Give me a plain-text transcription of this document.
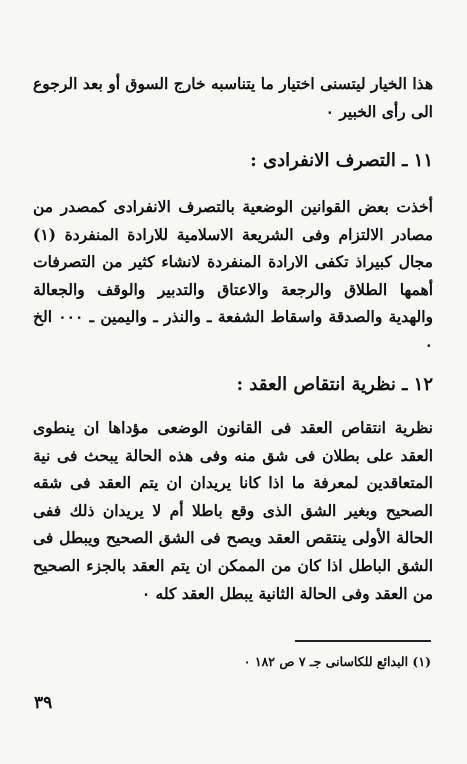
هذا الخيار ليتسنى اختيار ما يتناسبه خارج السوق أو بعد الرجوع الى رأى الخبير ٠

١١ ـ التصرف الانفرادى :

أخذت بعض القوانين الوضعية بالتصرف الانفرادى كمصدر من مصادر الالتزام وفى الشريعة الاسلامية للارادة المنفردة (١) مجال كبيراذ تكفى الارادة المنفردة لانشاء كثير من التصرفات أهمها الطلاق والرجعة والاعتاق والتدبير والوقف والجعالة والهدية والصدقة واسقاط الشفعة ـ والنذر ـ واليمين ـ ٠٠٠ الخ ٠

١٢ ـ نظرية انتقاص العقد :

نظرية انتقاص العقد فى القانون الوضعى مؤداها ان ينطوى العقد على بطلان فى شق منه وفى هذه الحالة يبحث فى نية المتعاقدين لمعرفة ما اذا كانا يريدان ان يتم العقد فى شقه الصحيح وبغير الشق الذى وقع باطلا أم لا يريدان ذلك ففى الحالة الأولى ينتقص العقد ويصح فى الشق الصحيح ويبطل فى الشق الباطل اذا كان من الممكن ان يتم العقد بالجزء الصحيح من العقد وفى الحالة الثانية يبطل العقد كله ٠

(١) البدائع للكاسانى جـ ٧ ص ١٨٢ ٠

٣٩
